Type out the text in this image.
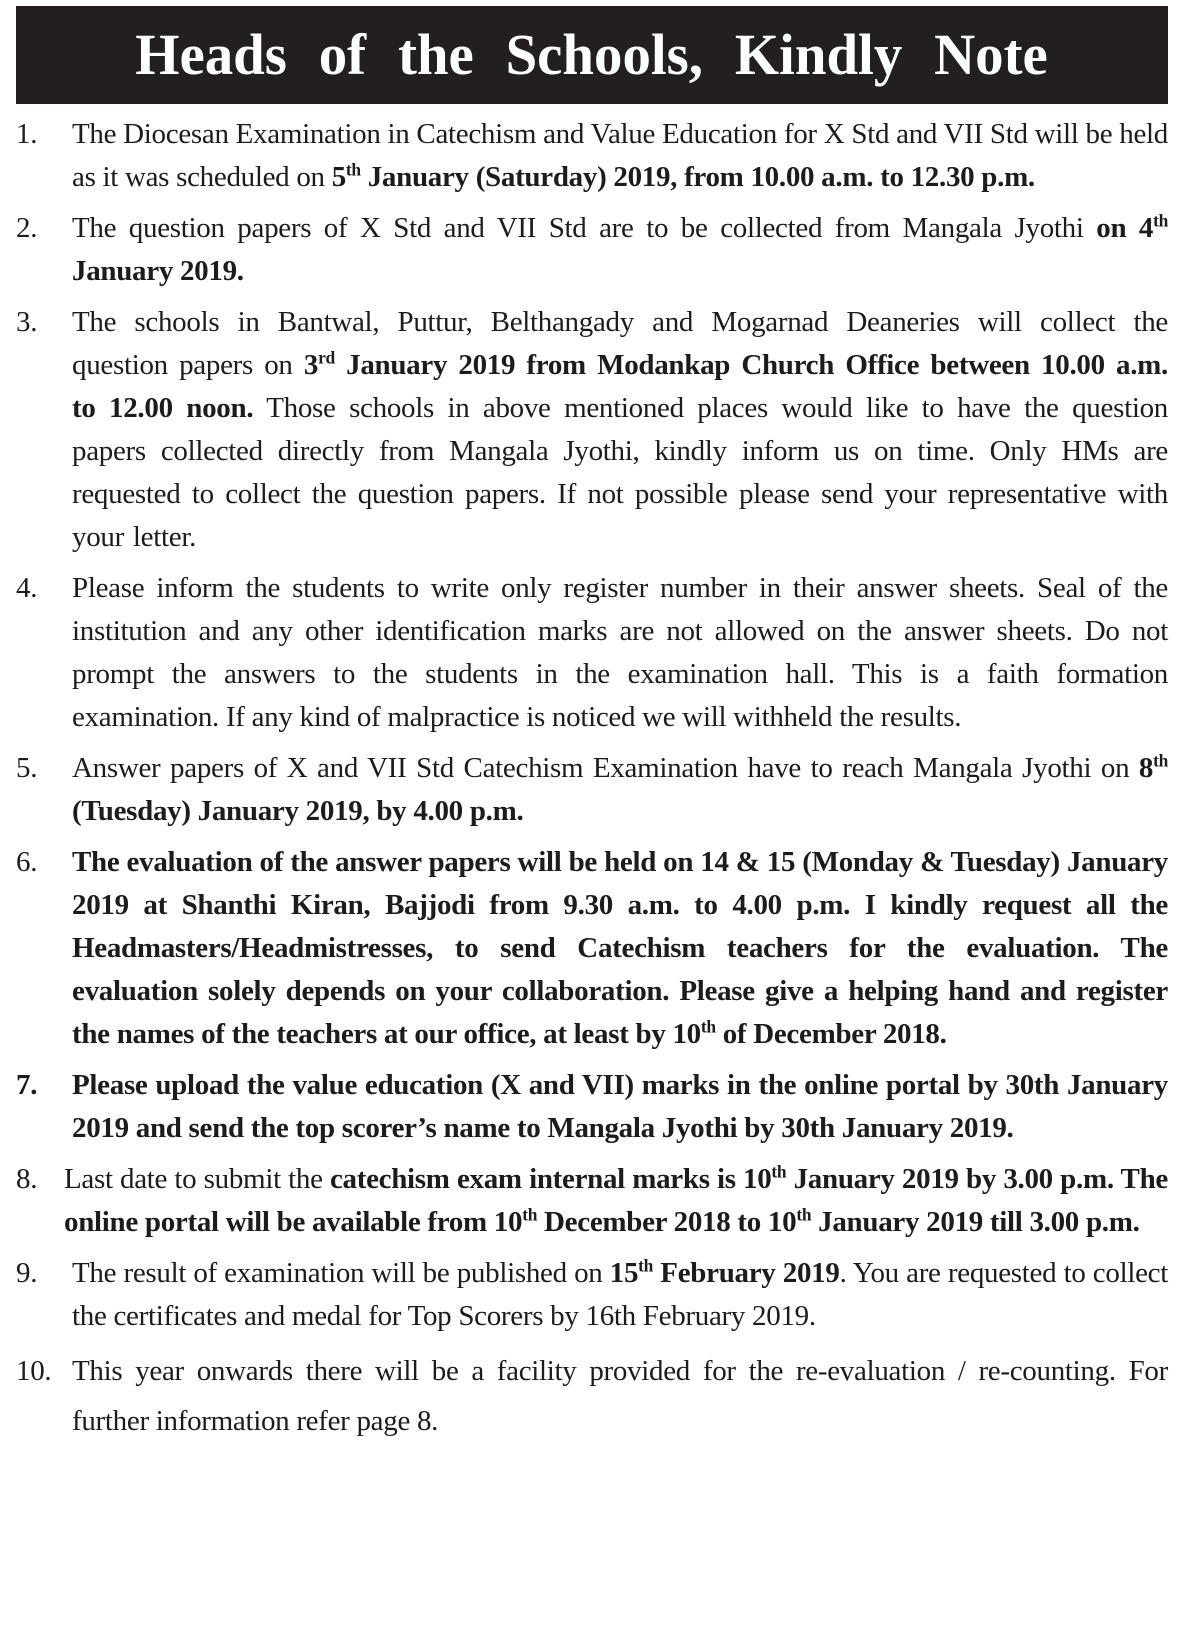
Heads of the Schools, Kindly Note
1.	The Diocesan Examination in Catechism and Value Education for X Std and VII Std will be held as it was scheduled on 5th January (Saturday) 2019, from 10.00 a.m. to 12.30 p.m.
2.	The question papers of X Std and VII Std are to be collected from Mangala Jyothi on 4th January 2019.
3.	The schools in Bantwal, Puttur, Belthangady and Mogarnad Deaneries will collect the question papers on 3rd January 2019 from Modankap Church Office between 10.00 a.m. to 12.00 noon. Those schools in above mentioned places would like to have the question papers collected directly from Mangala Jyothi, kindly inform us on time. Only HMs are requested to collect the question papers. If not possible please send your representative with your letter.
4.	Please inform the students to write only register number in their answer sheets. Seal of the institution and any other identification marks are not allowed on the answer sheets. Do not prompt the answers to the students in the examination hall. This is a faith formation examination. If any kind of malpractice is noticed we will withheld the results.
5.	Answer papers of X and VII Std Catechism Examination have to reach Mangala Jyothi on 8th (Tuesday) January 2019, by 4.00 p.m.
6.	The evaluation of the answer papers will be held on 14 & 15 (Monday & Tuesday) January 2019 at Shanthi Kiran, Bajjodi from 9.30 a.m. to 4.00 p.m. I kindly request all the Headmasters/Headmistresses, to send Catechism teachers for the evaluation. The evaluation solely depends on your collaboration. Please give a helping hand and register the names of the teachers at our office, at least by 10th of December 2018.
7.	Please upload the value education (X and VII) marks in the online portal by 30th January 2019 and send the top scorer’s name to Mangala Jyothi by 30th January 2019.
8. Last date to submit the catechism exam internal marks is 10th January 2019 by 3.00 p.m. The online portal will be available from 10th December 2018 to 10th January 2019 till 3.00 p.m.
9.	The result of examination will be published on 15th February 2019. You are requested to collect the certificates and medal for Top Scorers by 16th February 2019.
10. This year onwards there will be a facility provided for the re-evaluation / re-counting. For further information refer page 8.
